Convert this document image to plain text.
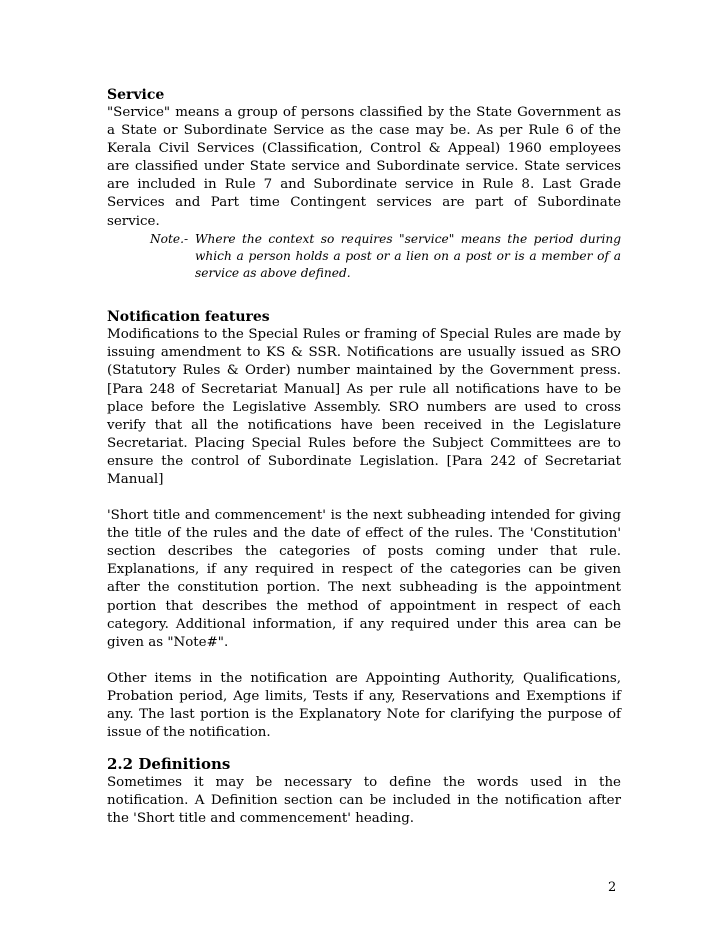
Service

"Service" means a group of persons classified by the State Government as a State or Subordinate Service as the case may be. As per Rule 6 of the Kerala Civil Services (Classification, Control & Appeal) 1960 employees are classified under State service and Subordinate service. State services are included in Rule 7 and Subordinate service in Rule 8. Last Grade Services and Part time Contingent services are part of Subordinate service.

Note.- Where the context so requires "service" means the period during which a person holds a post or a lien on a post or is a member of a service as above defined.
Notification features

Modifications to the Special Rules or framing of Special Rules are made by issuing amendment to KS & SSR. Notifications are usually issued as SRO (Statutory Rules & Order) number maintained by the Government press. [Para 248 of Secretariat Manual] As per rule all notifications have to be place before the Legislative Assembly. SRO numbers are used to cross verify that all the notifications have been received in the Legislature Secretariat. Placing Special Rules before the Subject Committees are to ensure the control of Subordinate Legislation. [Para 242 of Secretariat Manual]

'Short title and commencement' is the next subheading intended for giving the title of the rules and the date of effect of the rules. The 'Constitution' section describes the categories of posts coming under that rule. Explanations, if any required in respect of the categories can be given after the constitution portion. The next subheading is the appointment portion that describes the method of appointment in respect of each category. Additional information, if any required under this area can be given as "Note#".

Other items in the notification are Appointing Authority, Qualifications, Probation period, Age limits, Tests if any, Reservations and Exemptions if any. The last portion is the Explanatory Note for clarifying the purpose of issue of the notification.

2.2 Definitions

Sometimes it may be necessary to define the words used in the notification. A Definition section can be included in the notification after the 'Short title and commencement' heading.

2
